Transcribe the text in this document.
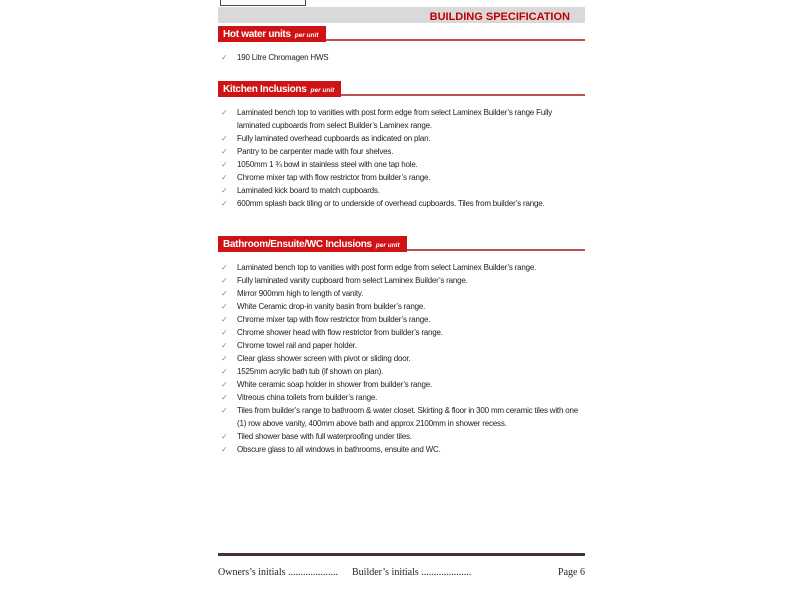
BUILDING SPECIFICATION
Hot water units per unit
✓	190 Litre Chromagen HWS
Kitchen Inclusions per unit
✓	Laminated bench top to vanities with post form edge from select Laminex Builder’s range Fully laminated cupboards from select Builder’s Laminex range.
✓	Fully laminated overhead cupboards as indicated on plan.
✓	Pantry to be carpenter made with four shelves.
✓	1050mm 1 ¾ bowl in stainless steel with one tap hole.
✓	Chrome mixer tap with flow restrictor from builder’s range.
✓	Laminated kick board to match cupboards.
✓	600mm splash back tiling or to underside of overhead cupboards. Tiles from builder’s range.
Bathroom/Ensuite/WC Inclusions per unit
✓	Laminated bench top to vanities with post form edge from select Laminex Builder’s range.
✓	Fully laminated vanity cupboard from select Laminex Builder’s range.
✓	Mirror 900mm high to length of vanity.
✓	White Ceramic drop-in vanity basin from builder’s range.
✓	Chrome mixer tap with flow restrictor from builder’s range.
✓	Chrome shower head with flow restrictor from builder’s range.
✓	Chrome towel rail and paper holder.
✓	Clear glass shower screen with pivot or sliding door.
✓	1525mm acrylic bath tub (if shown on plan).
✓	White ceramic soap holder in shower from builder’s range.
✓	Vitreous china toilets from builder’s range.
✓	Tiles from builder’s range to bathroom & water closet. Skirting & floor in 300 mm ceramic tiles with one (1) row above vanity, 400mm above bath and approx 2100mm in shower recess.
✓	Tiled shower base with full waterproofing under tiles.
✓	Obscure glass to all windows in bathrooms, ensuite and WC.
Owners’s initials .................... Builder’s initials ....................	Page 6
